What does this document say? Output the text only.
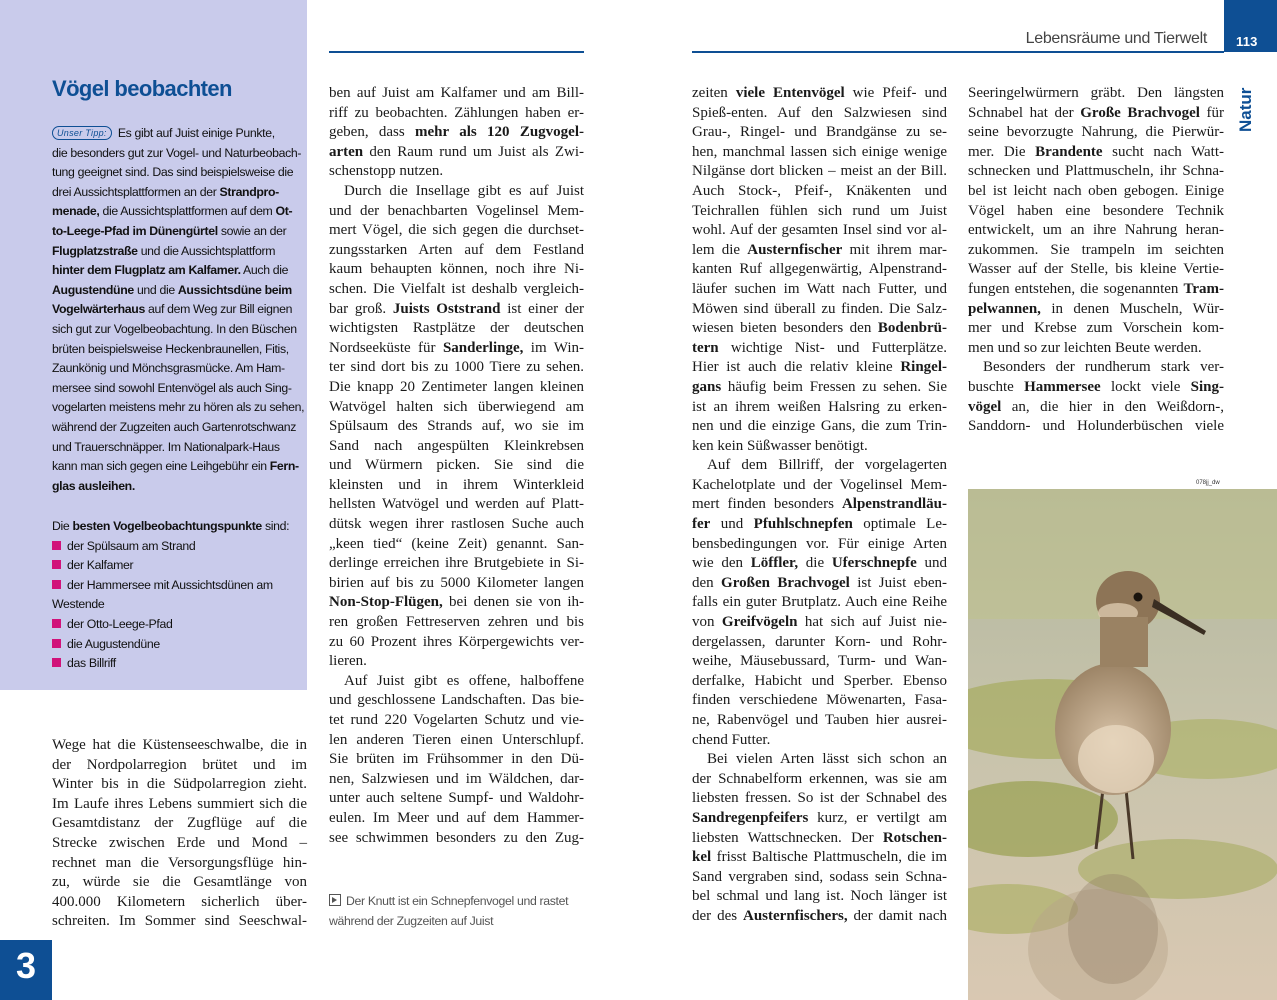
113
Lebensräume und Tierwelt
Natur
Vögel beobachten
Unser Tipp: Es gibt auf Juist einige Punkte,
die besonders gut zur Vogel- und Naturbeobach-
tung geeignet sind. Das sind beispielsweise die
drei Aussichtsplattformen an der Strandpro-
menade, die Aussichtsplattformen auf dem Ot-
to-Leege-Pfad im Dünengürtel sowie an der
Flugplatzstraße und die Aussichtsplattform
hinter dem Flugplatz am Kalfamer. Auch die
Augustendüne und die Aussichtsdüne beim
Vogelwärterhaus auf dem Weg zur Bill eignen
sich gut zur Vogelbeobachtung. In den Büschen
brüten beispielsweise Heckenbraunellen, Fitis,
Zaunkönig und Mönchsgrasmücke. Am Ham-
mersee sind sowohl Entenvögel als auch Sing-
vogelarten meistens mehr zu hören als zu sehen,
während der Zugzeiten auch Gartenrotschwanz
und Trauerschnäpper. Im Nationalpark-Haus
kann man sich gegen eine Leihgebühr ein Fern-
glas ausleihen.
Die besten Vogelbeobachtungspunkte sind:
der Spülsaum am Strand
der Kalfamer
der Hammersee mit Aussichtsdünen am
Westende
der Otto-Leege-Pfad
die Augustendüne
das Billriff
Wege hat die Küstenseeschwalbe, die in
der Nordpolarregion brütet und im
Winter bis in die Südpolarregion zieht.
Im Laufe ihres Lebens summiert sich die
Gesamtdistanz der Zugflüge auf die
Strecke zwischen Erde und Mond –
rechnet man die Versorgungsflüge hin-
zu, würde sie die Gesamtlänge von
400.000 Kilometern sicherlich über-
schreiten. Im Sommer sind Seeschwal-
ben auf Juist am Kalfamer und am Bill-
riff zu beobachten. Zählungen haben er-
geben, dass mehr als 120 Zugvogel-
arten den Raum rund um Juist als Zwi-
schenstopp nutzen.
Durch die Insellage gibt es auf Juist
und der benachbarten Vogelinsel Mem-
mert Vögel, die sich gegen die durchset-
zungsstarken Arten auf dem Festland
kaum behaupten können, noch ihre Ni-
schen. Die Vielfalt ist deshalb vergleich-
bar groß. Juists Oststrand ist einer der
wichtigsten Rastplätze der deutschen
Nordseeküste für Sanderlinge, im Win-
ter sind dort bis zu 1000 Tiere zu sehen.
Die knapp 20 Zentimeter langen kleinen
Watvögel halten sich überwiegend am
Spülsaum des Strands auf, wo sie im
Sand nach angespülten Kleinkrebsen
und Würmern picken. Sie sind die
kleinsten und in ihrem Winterkleid
hellsten Watvögel und werden auf Platt-
dütsk wegen ihrer rastlosen Suche auch
„keen tied“ (keine Zeit) genannt. San-
derlinge erreichen ihre Brutgebiete in Si-
birien auf bis zu 5000 Kilometer langen
Non-Stop-Flügen, bei denen sie von ih-
ren großen Fettreserven zehren und bis
zu 60 Prozent ihres Körpergewichts ver-
lieren.
Auf Juist gibt es offene, halboffene
und geschlossene Landschaften. Das bie-
tet rund 220 Vogelarten Schutz und vie-
len anderen Tieren einen Unterschlupf.
Sie brüten im Frühsommer in den Dü-
nen, Salzwiesen und im Wäldchen, dar-
unter auch seltene Sumpf- und Waldohr-
eulen. Im Meer und auf dem Hammer-
see schwimmen besonders zu den Zug-
Der Knutt ist ein Schnepfenvogel und rastet
während der Zugzeiten auf Juist
zeiten viele Entenvögel wie Pfeif- und
Spieß-enten. Auf den Salzwiesen sind
Grau-, Ringel- und Brandgänse zu se-
hen, manchmal lassen sich einige wenige
Nilgänse dort blicken – meist an der Bill.
Auch Stock-, Pfeif-, Knäkenten und
Teichrallen fühlen sich rund um Juist
wohl. Auf der gesamten Insel sind vor al-
lem die Austernfischer mit ihrem mar-
kanten Ruf allgegenwärtig, Alpenstrand-
läufer suchen im Watt nach Futter, und
Möwen sind überall zu finden. Die Salz-
wiesen bieten besonders den Bodenbrü-
tern wichtige Nist- und Futterplätze.
Hier ist auch die relativ kleine Ringel-
gans häufig beim Fressen zu sehen. Sie
ist an ihrem weißen Halsring zu erken-
nen und die einzige Gans, die zum Trin-
ken kein Süßwasser benötigt.
Auf dem Billriff, der vorgelagerten
Kachelotplate und der Vogelinsel Mem-
mert finden besonders Alpenstrandläu-
fer und Pfuhlschnepfen optimale Le-
bensbedingungen vor. Für einige Arten
wie den Löffler, die Uferschnepfe und
den Großen Brachvogel ist Juist eben-
falls ein guter Brutplatz. Auch eine Reihe
von Greifvögeln hat sich auf Juist nie-
dergelassen, darunter Korn- und Rohr-
weihe, Mäusebussard, Turm- und Wan-
derfalke, Habicht und Sperber. Ebenso
finden verschiedene Möwenarten, Fasa-
ne, Rabenvögel und Tauben hier ausrei-
chend Futter.
Bei vielen Arten lässt sich schon an
der Schnabelform erkennen, was sie am
liebsten fressen. So ist der Schnabel des
Sandregenpfeifers kurz, er vertilgt am
liebsten Wattschnecken. Der Rotschen-
kel frisst Baltische Plattmuscheln, die im
Sand vergraben sind, sodass sein Schna-
bel schmal und lang ist. Noch länger ist
der des Austernfischers, der damit nach
Seeringelwürmern gräbt. Den längsten
Schnabel hat der Große Brachvogel für
seine bevorzugte Nahrung, die Pierwür-
mer. Die Brandente sucht nach Watt-
schnecken und Plattmuscheln, ihr Schna-
bel ist leicht nach oben gebogen. Einige
Vögel haben eine besondere Technik
entwickelt, um an ihre Nahrung heran-
zukommen. Sie trampeln im seichten
Wasser auf der Stelle, bis kleine Vertie-
fungen entstehen, die sogenannten Tram-
pelwannen, in denen Muscheln, Wür-
mer und Krebse zum Vorschein kom-
men und so zur leichten Beute werden.
Besonders der rundherum stark ver-
buschte Hammersee lockt viele Sing-
vögel an, die hier in den Weißdorn-,
Sanddorn- und Holunderbüschen viele
078jj_dw
3
